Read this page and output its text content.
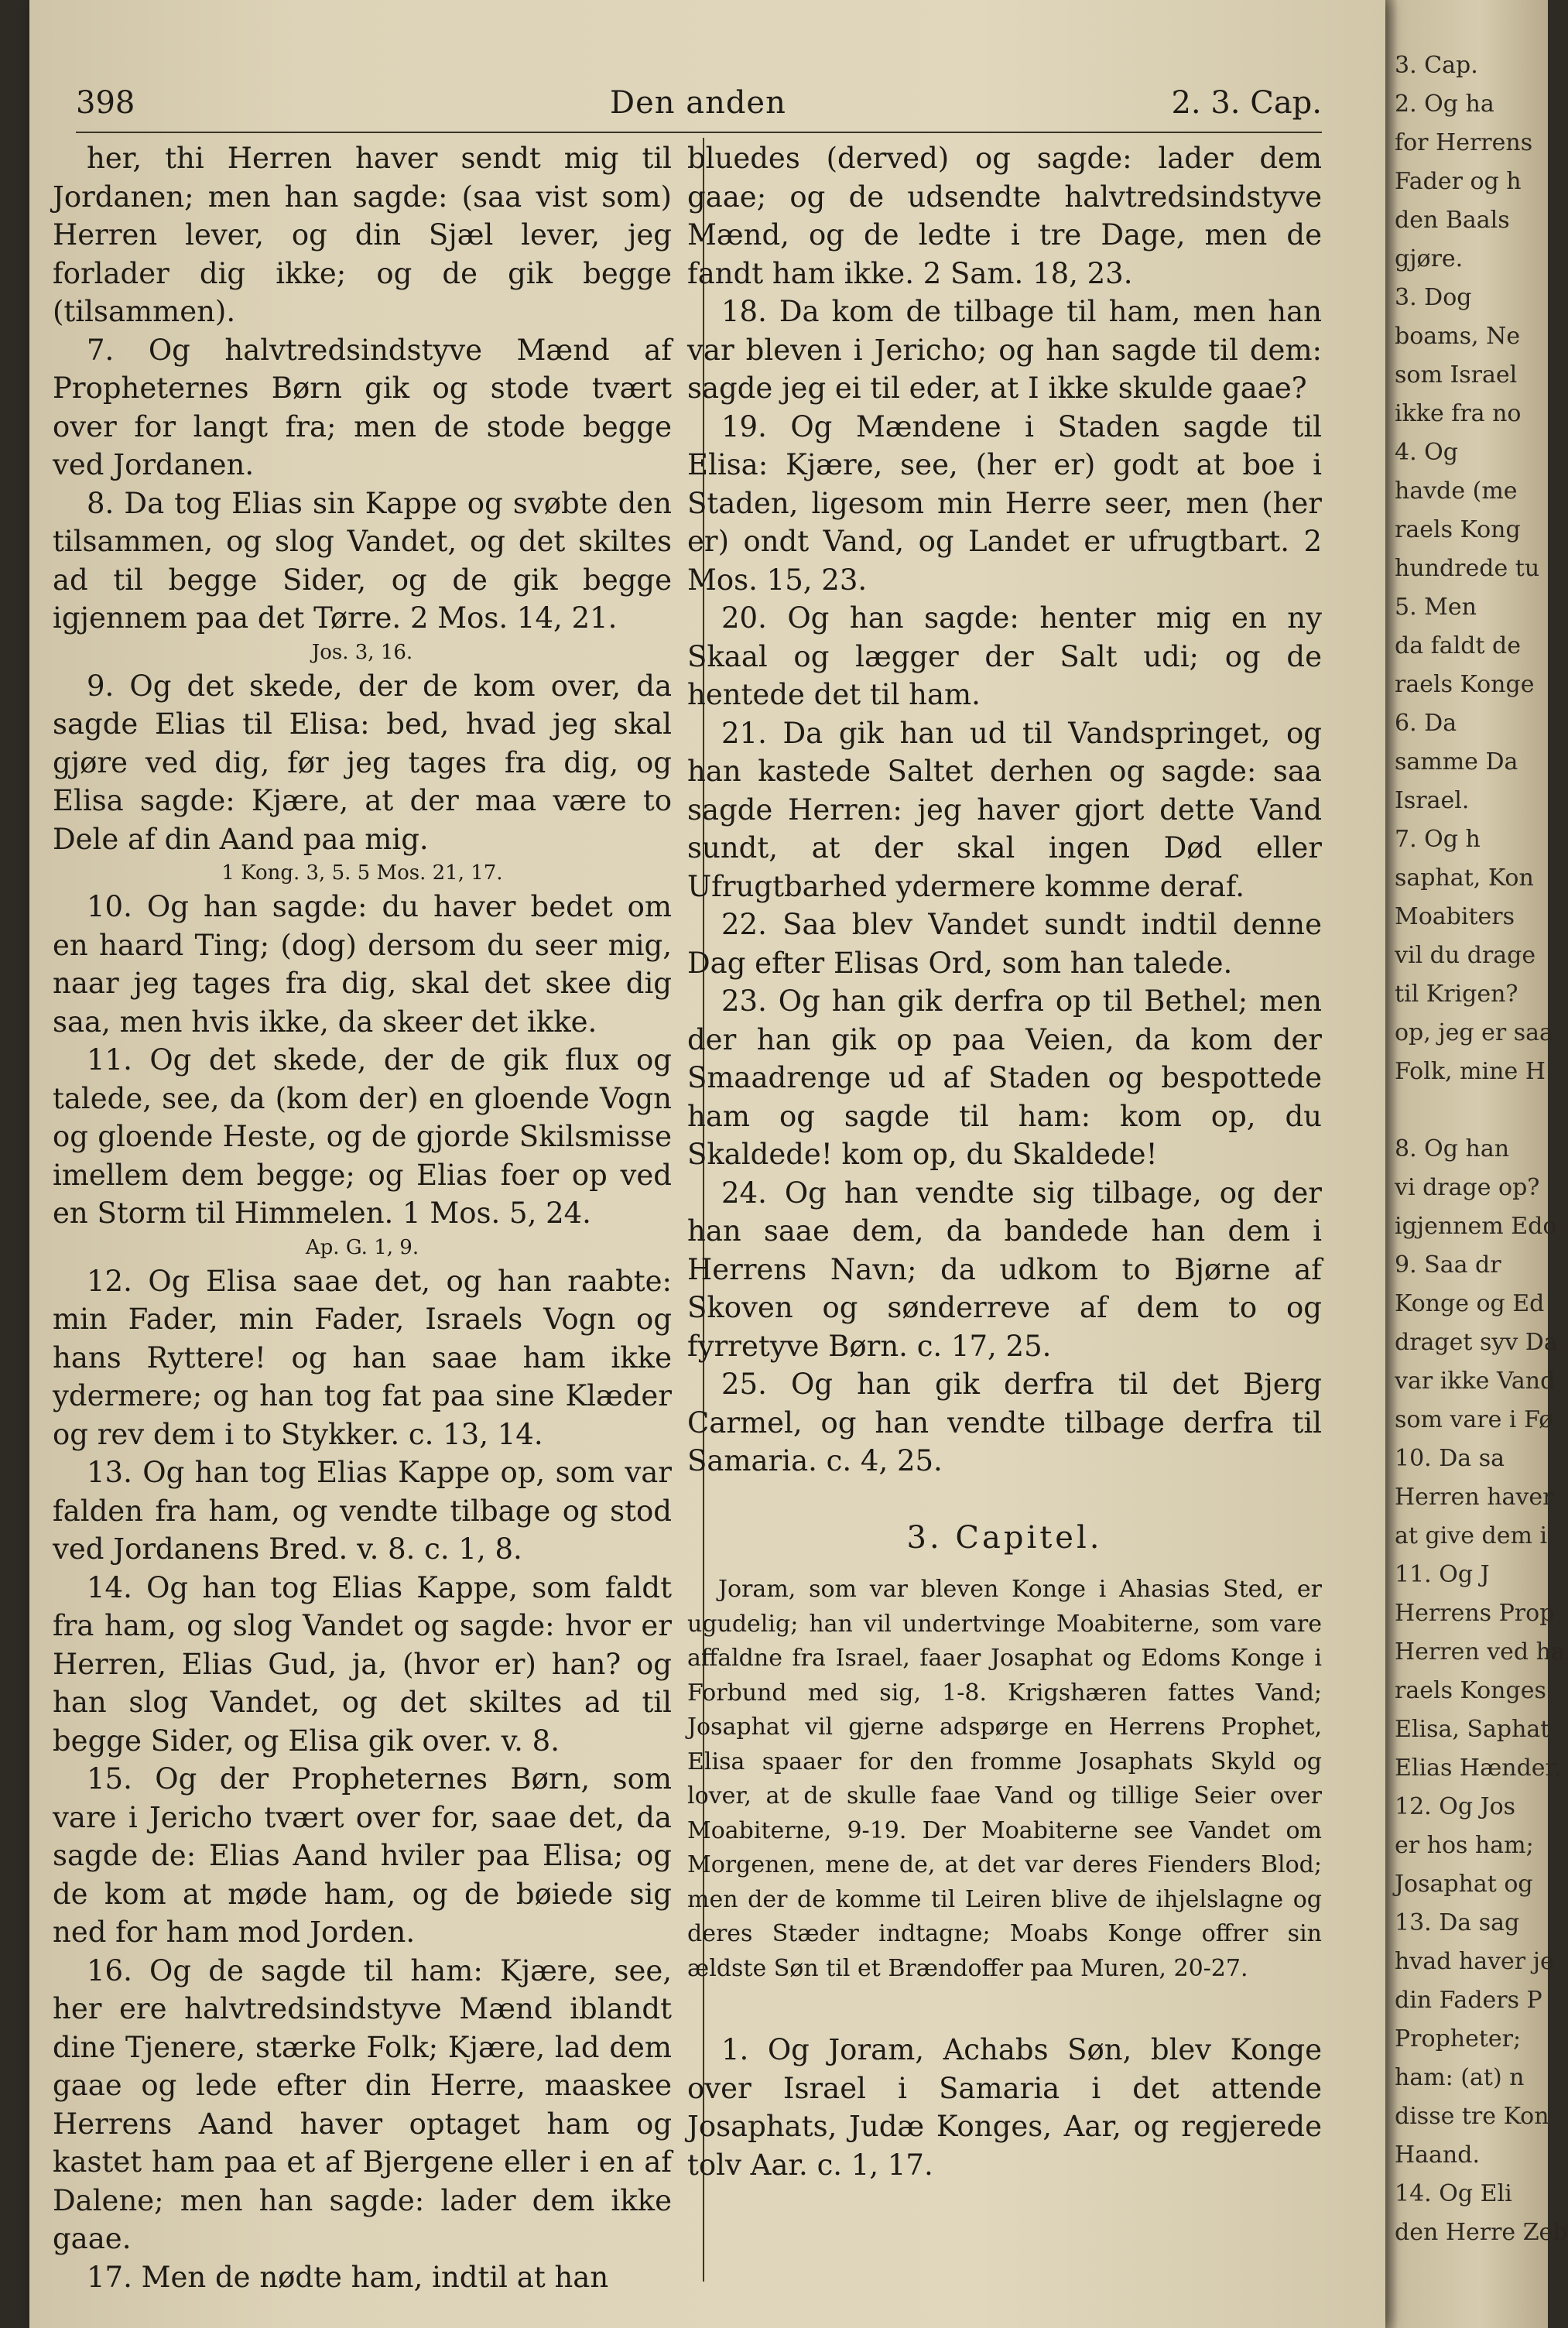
398	Den anden	2. 3. Cap.

her, thi Herren haver sendt mig til Jordanen; men han sagde: (saa vist som) Herren lever, og din Sjæl lever, jeg forlader dig ikke; og de gik begge (tilsammen).

7. Og halvtredsindstyve Mænd af Propheternes Børn gik og stode tvært over for langt fra; men de stode begge ved Jordanen.

8. Da tog Elias sin Kappe og svøbte den tilsammen, og slog Vandet, og det skiltes ad til begge Sider, og de gik begge igjennem paa det Tørre. 2 Mos. 14, 21.

Jos. 3, 16.

9. Og det skede, der de kom over, da sagde Elias til Elisa: bed, hvad jeg skal gjøre ved dig, før jeg tages fra dig, og Elisa sagde: Kjære, at der maa være to Dele af din Aand paa mig.

1 Kong. 3, 5. 5 Mos. 21, 17.

10. Og han sagde: du haver bedet om en haard Ting; (dog) dersom du seer mig, naar jeg tages fra dig, skal det skee dig saa, men hvis ikke, da skeer det ikke.

11. Og det skede, der de gik flux og talede, see, da (kom der) en gloende Vogn og gloende Heste, og de gjorde Skilsmisse imellem dem begge; og Elias foer op ved en Storm til Himmelen. 1 Mos. 5, 24.

Ap. G. 1, 9.

12. Og Elisa saae det, og han raabte: min Fader, min Fader, Israels Vogn og hans Ryttere! og han saae ham ikke ydermere; og han tog fat paa sine Klæder og rev dem i to Stykker. c. 13, 14.

13. Og han tog Elias Kappe op, som var falden fra ham, og vendte tilbage og stod ved Jordanens Bred. v. 8. c. 1, 8.

14. Og han tog Elias Kappe, som faldt fra ham, og slog Vandet og sagde: hvor er Herren, Elias Gud, ja, (hvor er) han? og han slog Vandet, og det skiltes ad til begge Sider, og Elisa gik over. v. 8.

15. Og der Propheternes Børn, som vare i Jericho tvært over for, saae det, da sagde de: Elias Aand hviler paa Elisa; og de kom at møde ham, og de bøiede sig ned for ham mod Jorden.

16. Og de sagde til ham: Kjære, see, her ere halvtredsindstyve Mænd iblandt dine Tjenere, stærke Folk; Kjære, lad dem gaae og lede efter din Herre, maaskee Herrens Aand haver optaget ham og kastet ham paa et af Bjergene eller i en af Dalene; men han sagde: lader dem ikke gaae.

17. Men de nødte ham, indtil at han

bluedes (derved) og sagde: lader dem gaae; og de udsendte halvtredsindstyve Mænd, og de ledte i tre Dage, men de fandt ham ikke. 2 Sam. 18, 23.

18. Da kom de tilbage til ham, men han var bleven i Jericho; og han sagde til dem: sagde jeg ei til eder, at I ikke skulde gaae?

19. Og Mændene i Staden sagde til Elisa: Kjære, see, (her er) godt at boe i Staden, ligesom min Herre seer, men (her er) ondt Vand, og Landet er ufrugtbart. 2 Mos. 15, 23.

20. Og han sagde: henter mig en ny Skaal og lægger der Salt udi; og de hentede det til ham.

21. Da gik han ud til Vandspringet, og han kastede Saltet derhen og sagde: saa sagde Herren: jeg haver gjort dette Vand sundt, at der skal ingen Død eller Ufrugtbarhed ydermere komme deraf.

22. Saa blev Vandet sundt indtil denne Dag efter Elisas Ord, som han talede.

23. Og han gik derfra op til Bethel; men der han gik op paa Veien, da kom der Smaadrenge ud af Staden og bespottede ham og sagde til ham: kom op, du Skaldede! kom op, du Skaldede!

24. Og han vendte sig tilbage, og der han saae dem, da bandede han dem i Herrens Navn; da udkom to Bjørne af Skoven og sønderreve af dem to og fyrretyve Børn. c. 17, 25.

25. Og han gik derfra til det Bjerg Carmel, og han vendte tilbage derfra til Samaria. c. 4, 25.

3. Capitel.

Joram, som var bleven Konge i Ahasias Sted, er ugudelig; han vil undertvinge Moabiterne, som vare affaldne fra Israel, faaer Josaphat og Edoms Konge i Forbund med sig, 1-8. Krigshæren fattes Vand; Josaphat vil gjerne adspørge en Herrens Prophet, Elisa spaaer for den fromme Josaphats Skyld og lover, at de skulle faae Vand og tillige Seier over Moabiterne, 9-19. Der Moabiterne see Vandet om Morgenen, mene de, at det var deres Fienders Blod; men der de komme til Leiren blive de ihjelslagne og deres Stæder indtagne; Moabs Konge offrer sin ældste Søn til et Brændoffer paa Muren, 20-27.

1. Og Joram, Achabs Søn, blev Konge over Israel i Samaria i det attende Josaphats, Judæ Konges, Aar, og regjerede tolv Aar. c. 1, 17.

3. Cap.
2. Og ha
for Herrens
Fader og h
den Baals
gjøre.
3. Dog
boams, Ne
som Israel
ikke fra no
4. Og
havde (me
raels Kong
hundrede tu
5. Men
da faldt de
raels Konge
6. Da
samme Da
Israel.
7. Og h
saphat, Kon
Moabiters
vil du drage
til Krigen?
op, jeg er saa
Folk, mine H

8. Og han
vi drage op?
igjennem Edo
9. Saa dr
Konge og Ed
draget syv Da
var ikke Vand
som vare i Fø
10. Da sa
Herren haver
at give dem i
11. Og J
Herrens Prop
Herren ved ha
raels Konges
Elisa, Saphat
Elias Hænder.
12. Og Jos
er hos ham;
Josaphat og
13. Da sag
hvad haver je
din Faders P
Propheter;
ham: (at) n
disse tre Kon
Haand.
14. Og Eli
den Herre Zeb
